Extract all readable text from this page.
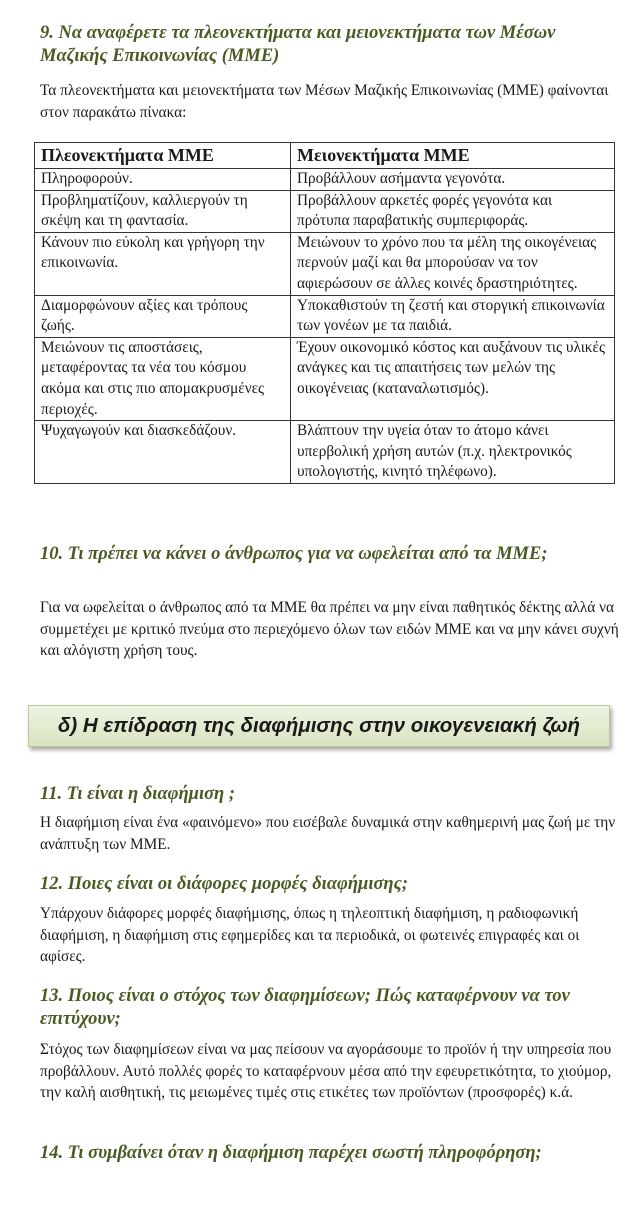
9. Να αναφέρετε τα πλεονεκτήματα και μειονεκτήματα των Μέσων Μαζικής Επικοινωνίας (ΜΜΕ)

Τα πλεονεκτήματα και μειονεκτήματα των Μέσων Μαζικής Επικοινωνίας (ΜΜΕ) φαίνονται στον παρακάτω πίνακα:

Πλεονεκτήματα ΜΜΕ	Μειονεκτήματα ΜΜΕ
Πληροφορούν.	Προβάλλουν ασήμαντα γεγονότα.
Προβληματίζουν, καλλιεργούν τη σκέψη και τη φαντασία.	Προβάλλουν αρκετές φορές γεγονότα και πρότυπα παραβατικής συμπεριφοράς.
Κάνουν πιο εύκολη και γρήγορη την επικοινωνία.	Μειώνουν το χρόνο που τα μέλη της οικογένειας περνούν μαζί και θα μπορούσαν να τον αφιερώσουν σε άλλες κοινές δραστηριότητες.
Διαμορφώνουν αξίες και τρόπους ζωής.	Υποκαθιστούν τη ζεστή και στοργική επικοινωνία των γονέων με τα παιδιά.
Μειώνουν τις αποστάσεις, μεταφέροντας τα νέα του κόσμου ακόμα και στις πιο απομακρυσμένες περιοχές.	Έχουν οικονομικό κόστος και αυξάνουν τις υλικές ανάγκες και τις απαιτήσεις των μελών της οικογένειας (καταναλωτισμός).
Ψυχαγωγούν και διασκεδάζουν.	Βλάπτουν την υγεία όταν το άτομο κάνει υπερβολική χρήση αυτών (π.χ. ηλεκτρονικός υπολογιστής, κινητό τηλέφωνο).
10. Τι πρέπει να κάνει ο άνθρωπος για να ωφελείται από τα ΜΜΕ;

Για να ωφελείται ο άνθρωπος από τα ΜΜΕ θα πρέπει να μην είναι παθητικός δέκτης αλλά να συμμετέχει με κριτικό πνεύμα στο περιεχόμενο όλων των ειδών ΜΜΕ και να μην κάνει συχνή και αλόγιστη χρήση τους.

δ) Η επίδραση της διαφήμισης στην οικογενειακή ζωή
11. Τι είναι η διαφήμιση ;

Η διαφήμιση είναι ένα «φαινόμενο» που εισέβαλε δυναμικά στην καθημερινή μας ζωή με την ανάπτυξη των ΜΜΕ.

12. Ποιες είναι οι διάφορες μορφές διαφήμισης;

Υπάρχουν διάφορες μορφές διαφήμισης, όπως η τηλεοπτική διαφήμιση, η ραδιοφωνική διαφήμιση, η διαφήμιση στις εφημερίδες και τα περιοδικά, οι φωτεινές επιγραφές και οι αφίσες.

13. Ποιος είναι ο στόχος των διαφημίσεων; Πώς καταφέρνουν να τον επιτύχουν;

Στόχος των διαφημίσεων είναι να μας πείσουν να αγοράσουμε το προϊόν ή την υπηρεσία που προβάλλουν. Αυτό πολλές φορές το καταφέρνουν μέσα από την εφευρετικότητα, το χιούμορ, την καλή αισθητική, τις μειωμένες τιμές στις ετικέτες των προϊόντων (προσφορές) κ.ά.

14. Τι συμβαίνει όταν η διαφήμιση παρέχει σωστή πληροφόρηση;
